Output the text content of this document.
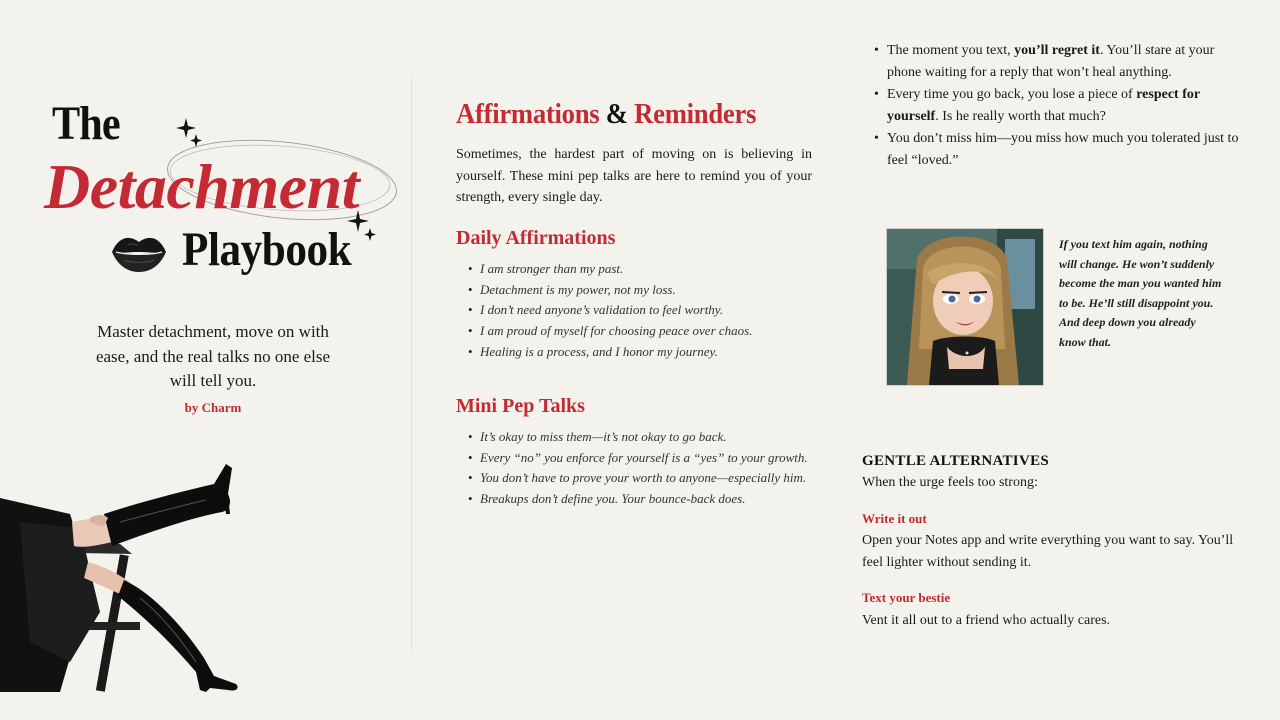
The
Detachment
Playbook
Master detachment, move on with ease, and the real talks no one else will tell you.
by Charm
Affirmations & Reminders
Sometimes, the hardest part of moving on is believing in yourself. These mini pep talks are here to remind you of your strength, every single day.
Daily Affirmations
• I am stronger than my past.
• Detachment is my power, not my loss.
• I don’t need anyone’s validation to feel worthy.
• I am proud of myself for choosing peace over chaos.
• Healing is a process, and I honor my journey.
Mini Pep Talks
• It’s okay to miss them—it’s not okay to go back.
• Every “no” you enforce for yourself is a “yes” to your growth.
• You don’t have to prove your worth to anyone—especially him.
• Breakups don’t define you. Your bounce-back does.
• The moment you text, you’ll regret it. You’ll stare at your phone waiting for a reply that won’t heal anything.
• Every time you go back, you lose a piece of respect for yourself. Is he really worth that much?
• You don’t miss him—you miss how much you tolerated just to feel “loved.”
If you text him again, nothing will change. He won’t suddenly become the man you wanted him to be. He’ll still disappoint you. And deep down you already know that.
GENTLE ALTERNATIVES
When the urge feels too strong:
Write it out
Open your Notes app and write everything you want to say. You’ll feel lighter without sending it.
Text your bestie
Vent it all out to a friend who actually cares.
